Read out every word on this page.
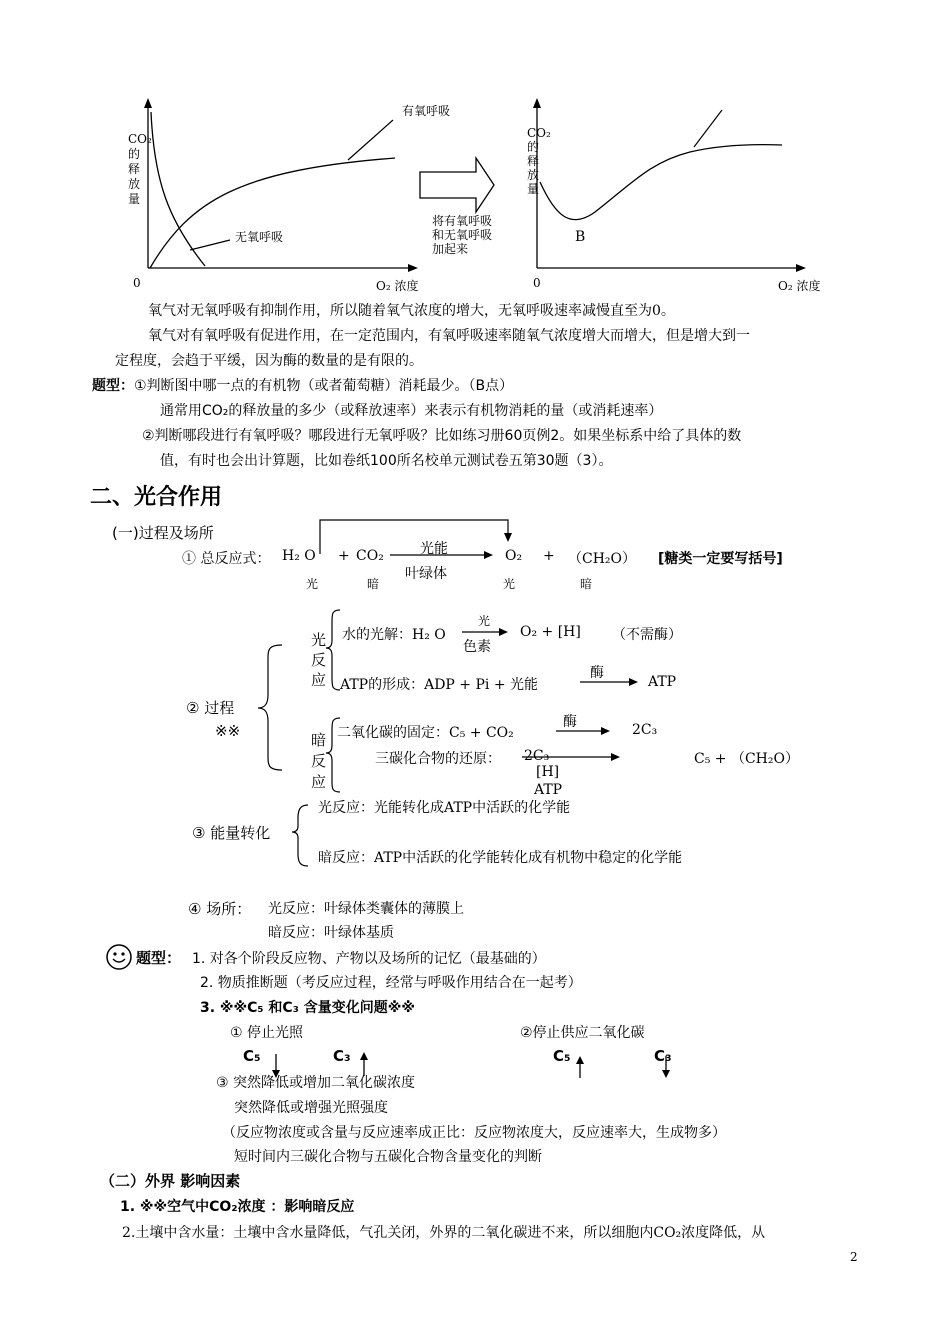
CO₂的释放量
有氧呼吸
无氧呼吸
0	O₂ 浓度
将有氧呼吸
和无氧呼吸
加起来
CO₂的释放量
B
0	O₂ 浓度
氧气对无氧呼吸有抑制作用，所以随着氧气浓度的增大，无氧呼吸速率减慢直至为0。
氧气对有氧呼吸有促进作用，在一定范围内，有氧呼吸速率随氧气浓度增大而增大，但是增大到一
定程度，会趋于平缓，因为酶的数量的是有限的。
题型：①判断图中哪一点的有机物（或者葡萄糖）消耗最少。（B点）
通常用CO₂的释放量的多少（或释放速率）来表示有机物消耗的量（或消耗速率）
②判断哪段进行有氧呼吸？哪段进行无氧呼吸？比如练习册60页例2。如果坐标系中给了具体的数
值，有时也会出计算题，比如卷纸100所名校单元测试卷五第30题（3）。
二、光合作用
(一)过程及场所
① 总反应式： H₂ O + CO₂	光能
叶绿体
O₂ + （CH₂O） [糖类一定要写括号]
光	暗	光	暗
② 过程
※※
光
反
应
暗
反
应
水的光解：H₂ O
光
色素
O₂ + [H] （不需酶）
ATP的形成：ADP + Pi + 光能
酶
ATP
二氧化碳的固定：C₅ + CO₂
酶	2C₃
三碳化合物的还原： 2C₃
[H]
ATP
C₅ + （CH₂O）
③ 能量转化
光反应：光能转化成ATP中活跃的化学能
暗反应：ATP中活跃的化学能转化成有机物中稳定的化学能
④ 场所： 光反应：叶绿体类囊体的薄膜上
暗反应：叶绿体基质
题型： 1. 对各个阶段反应物、产物以及场所的记忆（最基础的）
2. 物质推断题（考反应过程，经常与呼吸作用结合在一起考）
3. ※※C₅ 和C₃ 含量变化问题※※
① 停止光照	②停止供应二氧化碳
C₅	C₃	C₅	C₃
③ 突然降低或增加二氧化碳浓度
突然降低或增强光照强度
（反应物浓度或含量与反应速率成正比：反应物浓度大，反应速率大，生成物多）
短时间内三碳化合物与五碳化合物含量变化的判断
（二）外界 影响因素
1. ※※空气中CO₂浓度 ：影响暗反应
2.土壤中含水量：土壤中含水量降低，气孔关闭，外界的二氧化碳进不来，所以细胞内CO₂浓度降低，从
2
